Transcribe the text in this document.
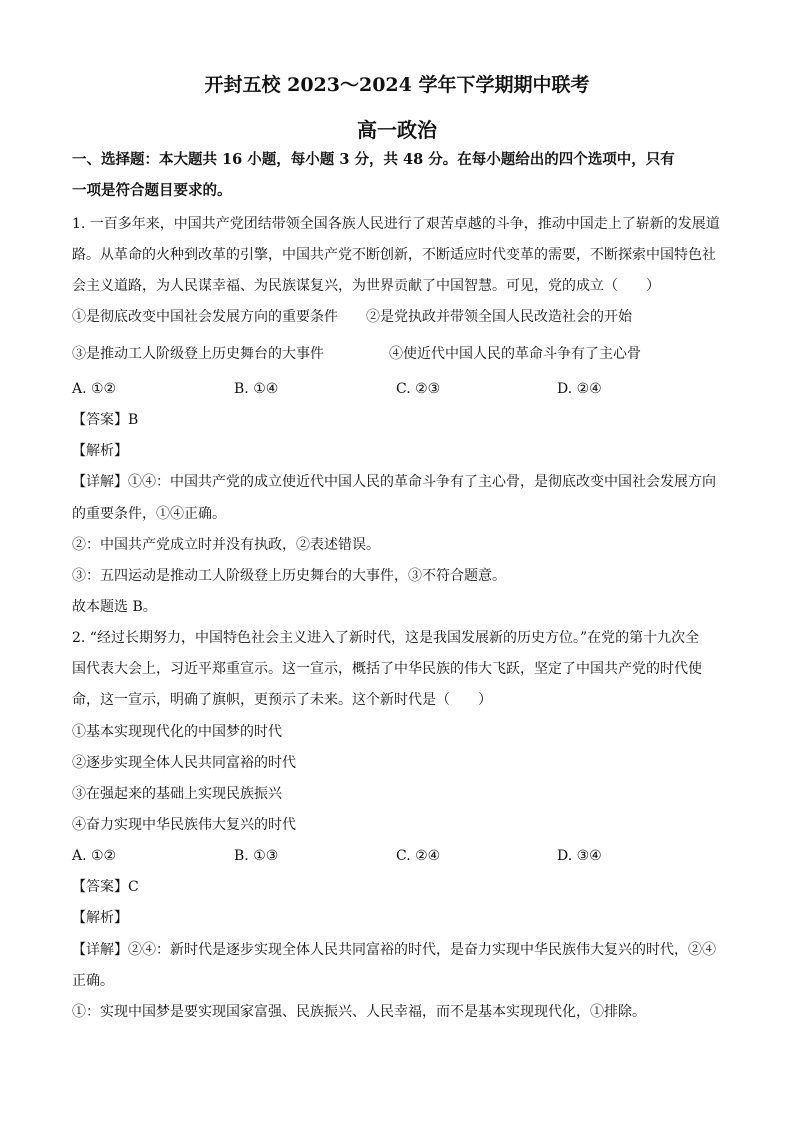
开封五校 2023～2024 学年下学期期中联考
高一政治
一、选择题：本大题共 16 小题，每小题 3 分，共 48 分。在每小题给出的四个选项中，只有
一项是符合题目要求的。
1. 一百多年来，中国共产党团结带领全国各族人民进行了艰苦卓越的斗争，推动中国走上了崭新的发展道
路。从革命的火种到改革的引擎，中国共产党不断创新，不断适应时代变革的需要，不断探索中国特色社
会主义道路，为人民谋幸福、为民族谋复兴，为世界贡献了中国智慧。可见，党的成立（　　）
①是彻底改变中国社会发展方向的重要条件 ②是党执政并带领全国人民改造社会的开始
③是推动工人阶级登上历史舞台的大事件	④使近代中国人民的革命斗争有了主心骨
A. ①②	B. ①④	C. ②③	D. ②④
【答案】B
【解析】
【详解】①④：中国共产党的成立使近代中国人民的革命斗争有了主心骨，是彻底改变中国社会发展方向
的重要条件，①④正确。
②：中国共产党成立时并没有执政，②表述错误。
③：五四运动是推动工人阶级登上历史舞台的大事件，③不符合题意。
故本题选 B。
2. “经过长期努力，中国特色社会主义进入了新时代，这是我国发展新的历史方位。”在党的第十九次全
国代表大会上，习近平郑重宣示。这一宣示，概括了中华民族的伟大飞跃，坚定了中国共产党的时代使
命，这一宣示，明确了旗帜，更预示了未来。这个新时代是（　　）
①基本实现现代化的中国梦的时代
②逐步实现全体人民共同富裕的时代
③在强起来的基础上实现民族振兴
④奋力实现中华民族伟大复兴的时代
A. ①②	B. ①③	C. ②④	D. ③④
【答案】C
【解析】
【详解】②④：新时代是逐步实现全体人民共同富裕的时代，是奋力实现中华民族伟大复兴的时代，②④
正确。
①：实现中国梦是要实现国家富强、民族振兴、人民幸福，而不是基本实现现代化，①排除。
